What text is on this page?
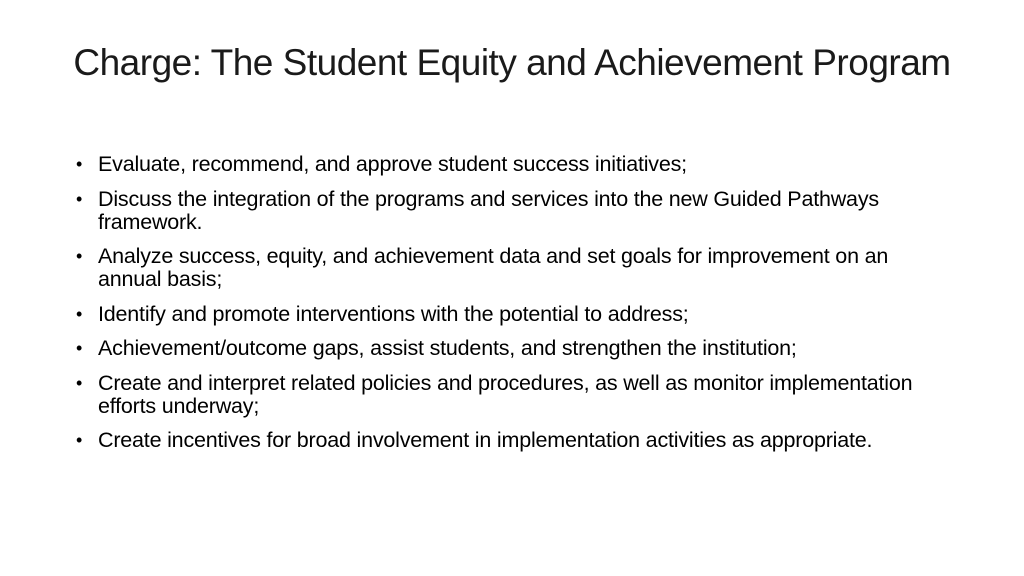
Charge: The Student Equity and Achievement Program
• Evaluate, recommend, and approve student success initiatives;
• Discuss the integration of the programs and services into the new Guided Pathways framework.
• Analyze success, equity, and achievement data and set goals for improvement on an annual basis;
• Identify and promote interventions with the potential to address;
• Achievement/outcome gaps, assist students, and strengthen the institution;
• Create and interpret related policies and procedures, as well as monitor implementation efforts underway;
• Create incentives for broad involvement in implementation activities as appropriate.
